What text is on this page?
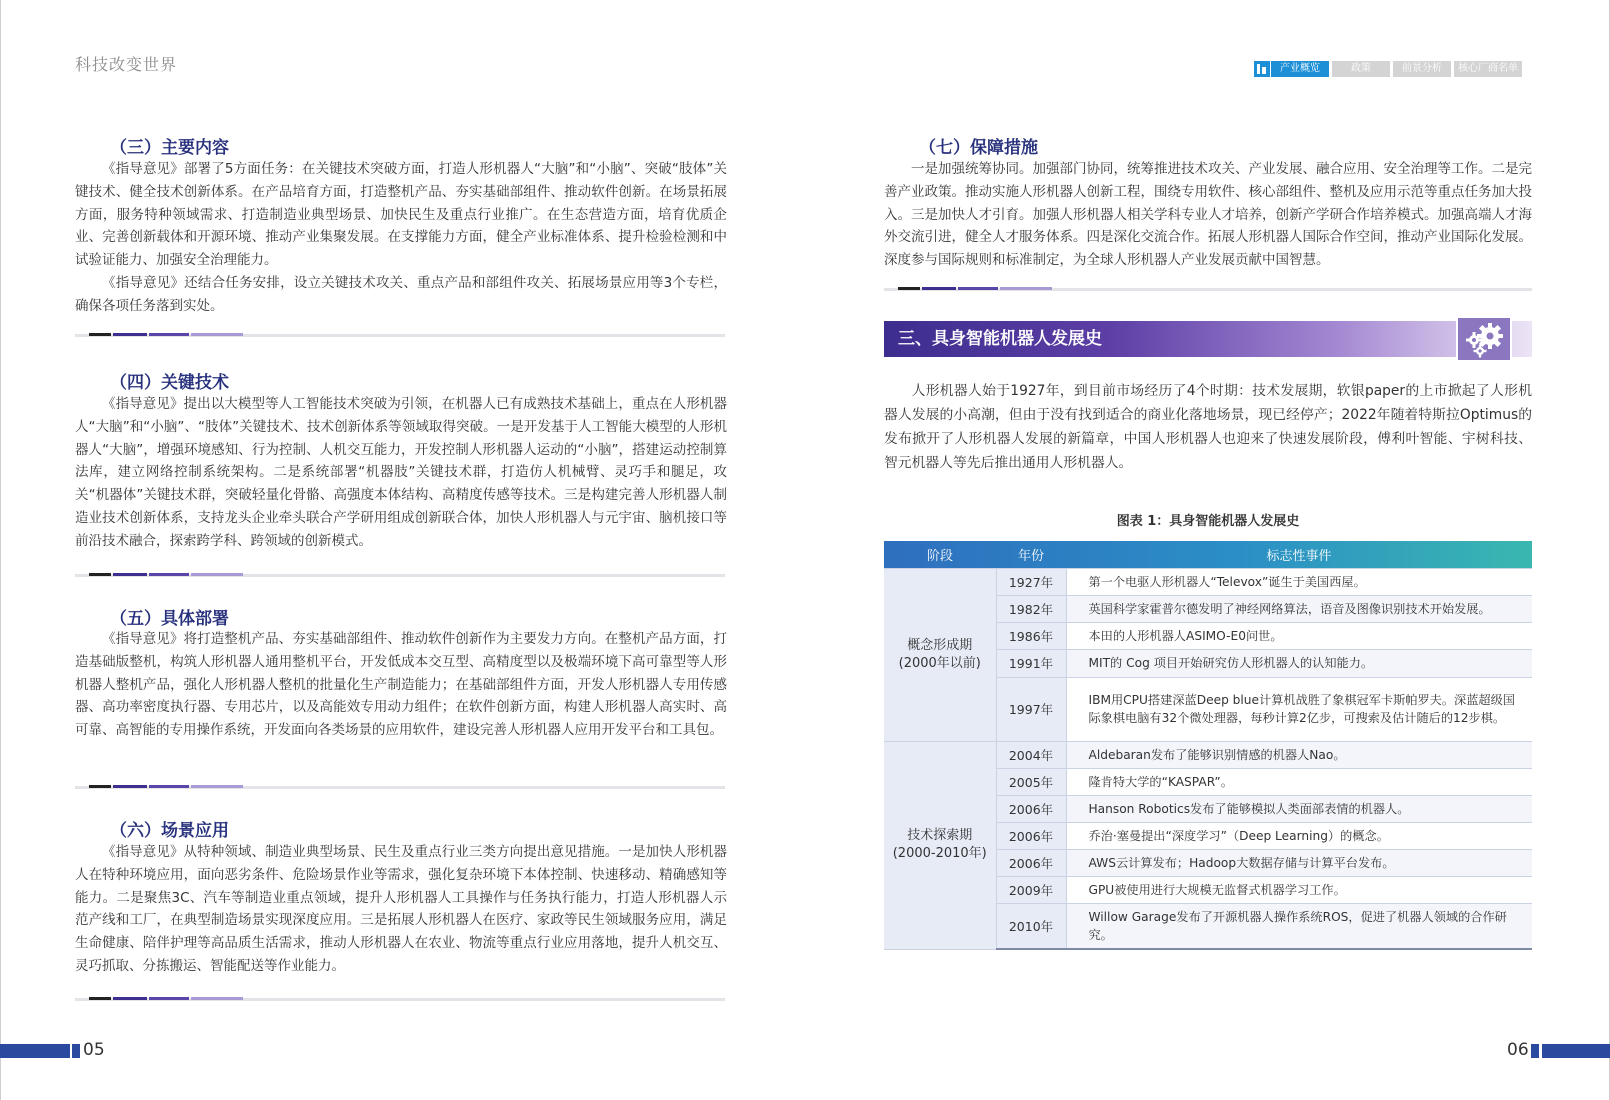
科技改变世界	产业概览	政策	前景分析	核心厂商名单
（三）主要内容

《指导意见》部署了5方面任务：在关键技术突破方面，打造人形机器人“大脑”和“小脑”、突破“肢体”关键技术、健全技术创新体系。在产品培育方面，打造整机产品、夯实基础部组件、推动软件创新。在场景拓展方面，服务特种领域需求、打造制造业典型场景、加快民生及重点行业推广。在生态营造方面，培育优质企业、完善创新载体和开源环境、推动产业集聚发展。在支撑能力方面，健全产业标准体系、提升检验检测和中试验证能力、加强安全治理能力。

《指导意见》还结合任务安排，设立关键技术攻关、重点产品和部组件攻关、拓展场景应用等3个专栏，确保各项任务落到实处。

（四）关键技术

《指导意见》提出以大模型等人工智能技术突破为引领，在机器人已有成熟技术基础上，重点在人形机器人“大脑”和“小脑”、“肢体”关键技术、技术创新体系等领域取得突破。一是开发基于人工智能大模型的人形机器人“大脑”，增强环境感知、行为控制、人机交互能力，开发控制人形机器人运动的“小脑”，搭建运动控制算法库，建立网络控制系统架构。二是系统部署“机器肢”关键技术群，打造仿人机械臂、灵巧手和腿足，攻关“机器体”关键技术群，突破轻量化骨骼、高强度本体结构、高精度传感等技术。三是构建完善人形机器人制造业技术创新体系，支持龙头企业牵头联合产学研用组成创新联合体，加快人形机器人与元宇宙、脑机接口等前沿技术融合，探索跨学科、跨领域的创新模式。

（五）具体部署

《指导意见》将打造整机产品、夯实基础部组件、推动软件创新作为主要发力方向。在整机产品方面，打造基础版整机，构筑人形机器人通用整机平台，开发低成本交互型、高精度型以及极端环境下高可靠型等人形机器人整机产品，强化人形机器人整机的批量化生产制造能力；在基础部组件方面，开发人形机器人专用传感器、高功率密度执行器、专用芯片，以及高能效专用动力组件；在软件创新方面，构建人形机器人高实时、高可靠、高智能的专用操作系统，开发面向各类场景的应用软件，建设完善人形机器人应用开发平台和工具包。

（六）场景应用

《指导意见》从特种领域、制造业典型场景、民生及重点行业三类方向提出意见措施。一是加快人形机器人在特种环境应用，面向恶劣条件、危险场景作业等需求，强化复杂环境下本体控制、快速移动、精确感知等能力。二是聚焦3C、汽车等制造业重点领域，提升人形机器人工具操作与任务执行能力，打造人形机器人示范产线和工厂，在典型制造场景实现深度应用。三是拓展人形机器人在医疗、家政等民生领域服务应用，满足生命健康、陪伴护理等高品质生活需求，推动人形机器人在农业、物流等重点行业应用落地，提升人机交互、灵巧抓取、分拣搬运、智能配送等作业能力。

（七）保障措施

一是加强统筹协同。加强部门协同，统筹推进技术攻关、产业发展、融合应用、安全治理等工作。二是完善产业政策。推动实施人形机器人创新工程，围绕专用软件、核心部组件、整机及应用示范等重点任务加大投入。三是加快人才引育。加强人形机器人相关学科专业人才培养，创新产学研合作培养模式。加强高端人才海外交流引进，健全人才服务体系。四是深化交流合作。拓展人形机器人国际合作空间，推动产业国际化发展。深度参与国际规则和标准制定，为全球人形机器人产业发展贡献中国智慧。

三、具身智能机器人发展史

人形机器人始于1927年，到目前市场经历了4个时期：技术发展期，软银paper的上市掀起了人形机器人发展的小高潮，但由于没有找到适合的商业化落地场景，现已经停产；2022年随着特斯拉Optimus的发布掀开了人形机器人发展的新篇章，中国人形机器人也迎来了快速发展阶段，傅利叶智能、宇树科技、智元机器人等先后推出通用人形机器人。

图表 1：具身智能机器人发展史
阶段	年份	标志性事件
概念形成期
(2000年以前)	1927年	第一个电驱人形机器人“Televox”诞生于美国西屋。
	1982年	英国科学家霍普尔德发明了神经网络算法，语音及图像识别技术开始发展。
	1986年	本田的人形机器人ASIMO-E0问世。
	1991年	MIT的 Cog 项目开始研究仿人形机器人的认知能力。
	1997年	IBM用CPU搭建深蓝Deep blue计算机战胜了象棋冠军卡斯帕罗夫。深蓝超级国际象棋电脑有32个微处理器，每秒计算2亿步，可搜索及估计随后的12步棋。
技术探索期
(2000-2010年)	2004年	Aldebaran发布了能够识别情感的机器人Nao。
	2005年	隆肯特大学的“KASPAR”。
	2006年	Hanson Robotics发布了能够模拟人类面部表情的机器人。
	2006年	乔治·塞曼提出“深度学习”（Deep Learning）的概念。
	2006年	AWS云计算发布；Hadoop大数据存储与计算平台发布。
	2009年	GPU被使用进行大规模无监督式机器学习工作。
	2010年	Willow Garage发布了开源机器人操作系统ROS，促进了机器人领域的合作研究。
05	06
